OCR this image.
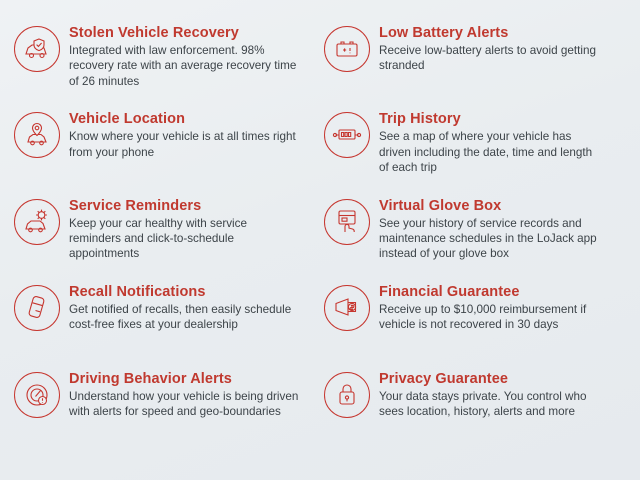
Stolen Vehicle Recovery

Integrated with law enforcement. 98% recovery rate with an average recovery time of 26 minutes

Vehicle Location

Know where your vehicle is at all times right from your phone

Service Reminders

Keep your car healthy with service reminders and click-to-schedule appointments

Recall Notifications

Get notified of recalls, then easily schedule cost-free fixes at your dealership

Driving Behavior Alerts

Understand how your vehicle is being driven with alerts for speed and geo-boundaries

Low Battery Alerts

Receive low-battery alerts to avoid getting stranded

Trip History

See a map of where your vehicle has driven including the date, time and length of each trip

Virtual Glove Box

See your history of service records and maintenance schedules in the LoJack app instead of your glove box

Financial Guarantee

Receive up to $10,000 reimbursement if vehicle is not recovered in 30 days

Privacy Guarantee

Your data stays private. You control who sees location, history, alerts and more
